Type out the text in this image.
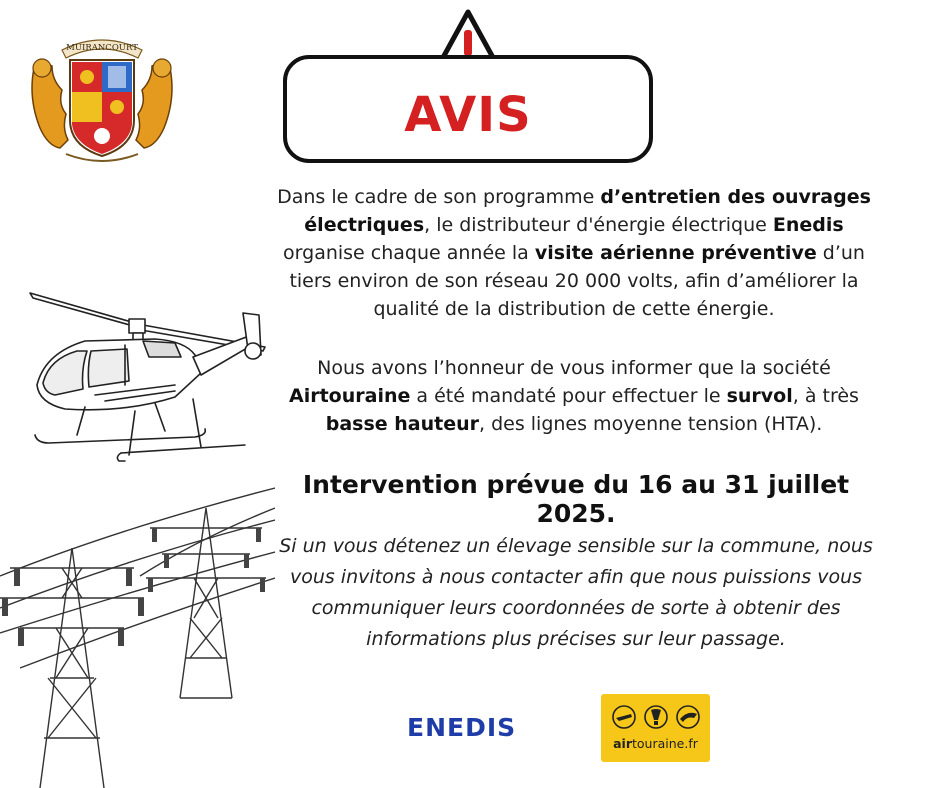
MUIRANCOURT
AVIS
Dans le cadre de son programme d’entretien des ouvrages électriques, le distributeur d'énergie électrique Enedis organise chaque année la visite aérienne préventive d’un tiers environ de son réseau 20 000 volts, afin d’améliorer la qualité de la distribution de cette énergie.
Nous avons l’honneur de vous informer que la société Airtouraine a été mandaté pour effectuer le survol, à très basse hauteur, des lignes moyenne tension (HTA).
Intervention prévue du 16 au 31 juillet 2025.
Si un vous détenez un élevage sensible sur la commune, nous vous invitons à nous contacter afin que nous puissions vous communiquer leurs coordonnées de sorte à obtenir des informations plus précises sur leur passage.
ENEDIS
airtouraine.fr
